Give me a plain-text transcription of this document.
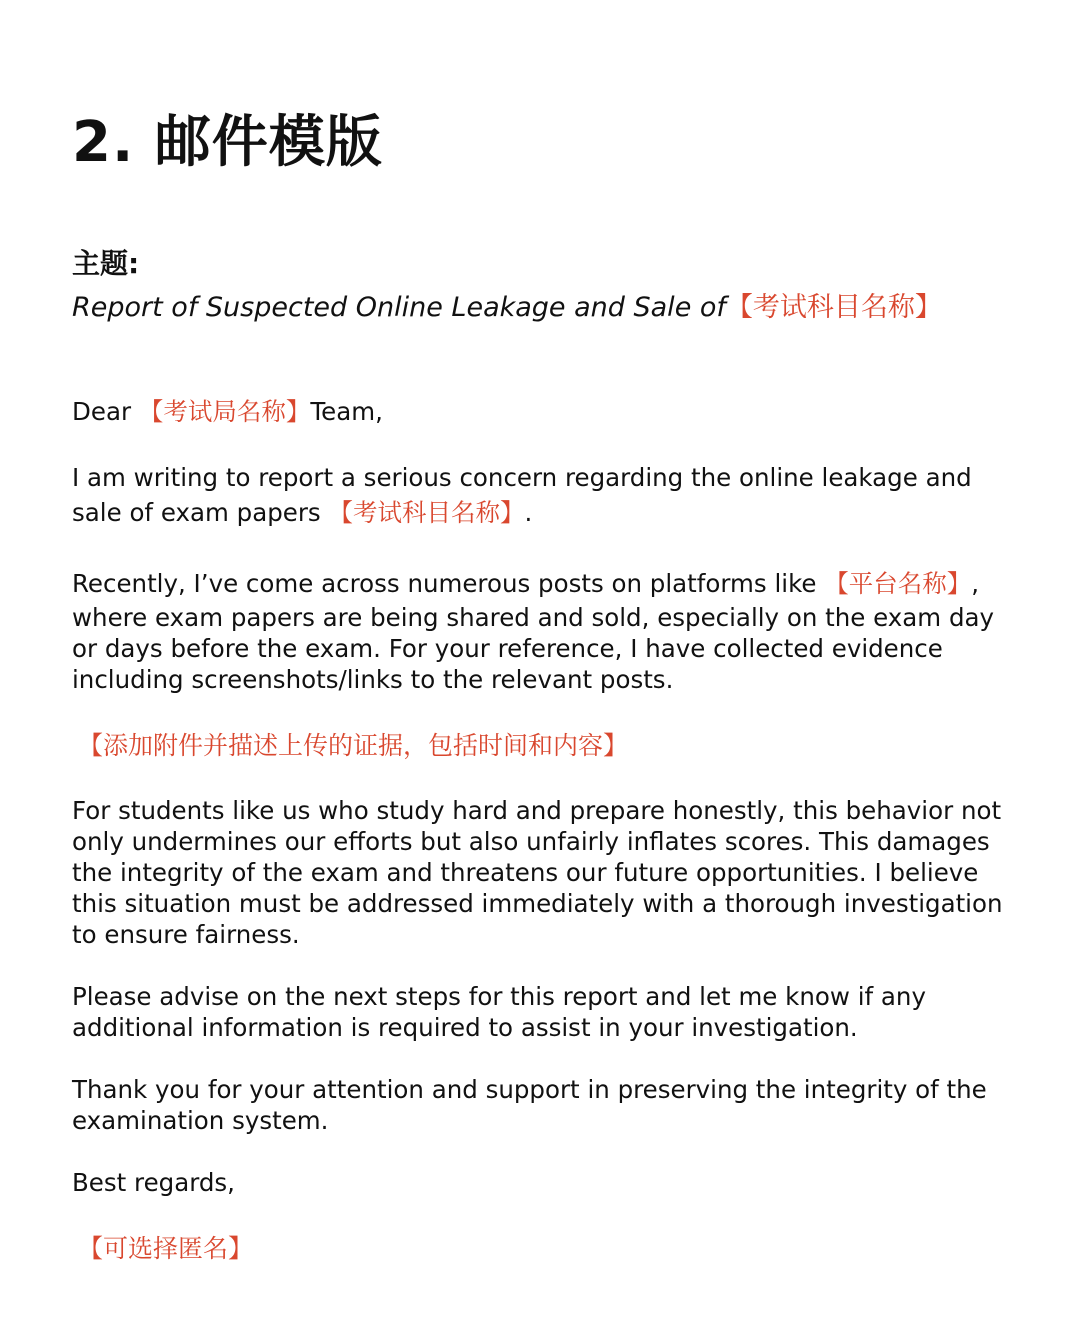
2. 邮件模版
主题:
Report of Suspected Online Leakage and Sale of【考试科目名称】
Dear 【考试局名称】Team,
I am writing to report a serious concern regarding the online leakage and
sale of exam papers 【考试科目名称】.
Recently, I’ve come across numerous posts on platforms like 【平台名称】,
where exam papers are being shared and sold, especially on the exam day
or days before the exam. For your reference, I have collected evidence
including screenshots/links to the relevant posts.
【添加附件并描述上传的证据，包括时间和内容】
For students like us who study hard and prepare honestly, this behavior not
only undermines our efforts but also unfairly inflates scores. This damages
the integrity of the exam and threatens our future opportunities. I believe
this situation must be addressed immediately with a thorough investigation
to ensure fairness.
Please advise on the next steps for this report and let me know if any
additional information is required to assist in your investigation.
Thank you for your attention and support in preserving the integrity of the
examination system.
Best regards,
【可选择匿名】
